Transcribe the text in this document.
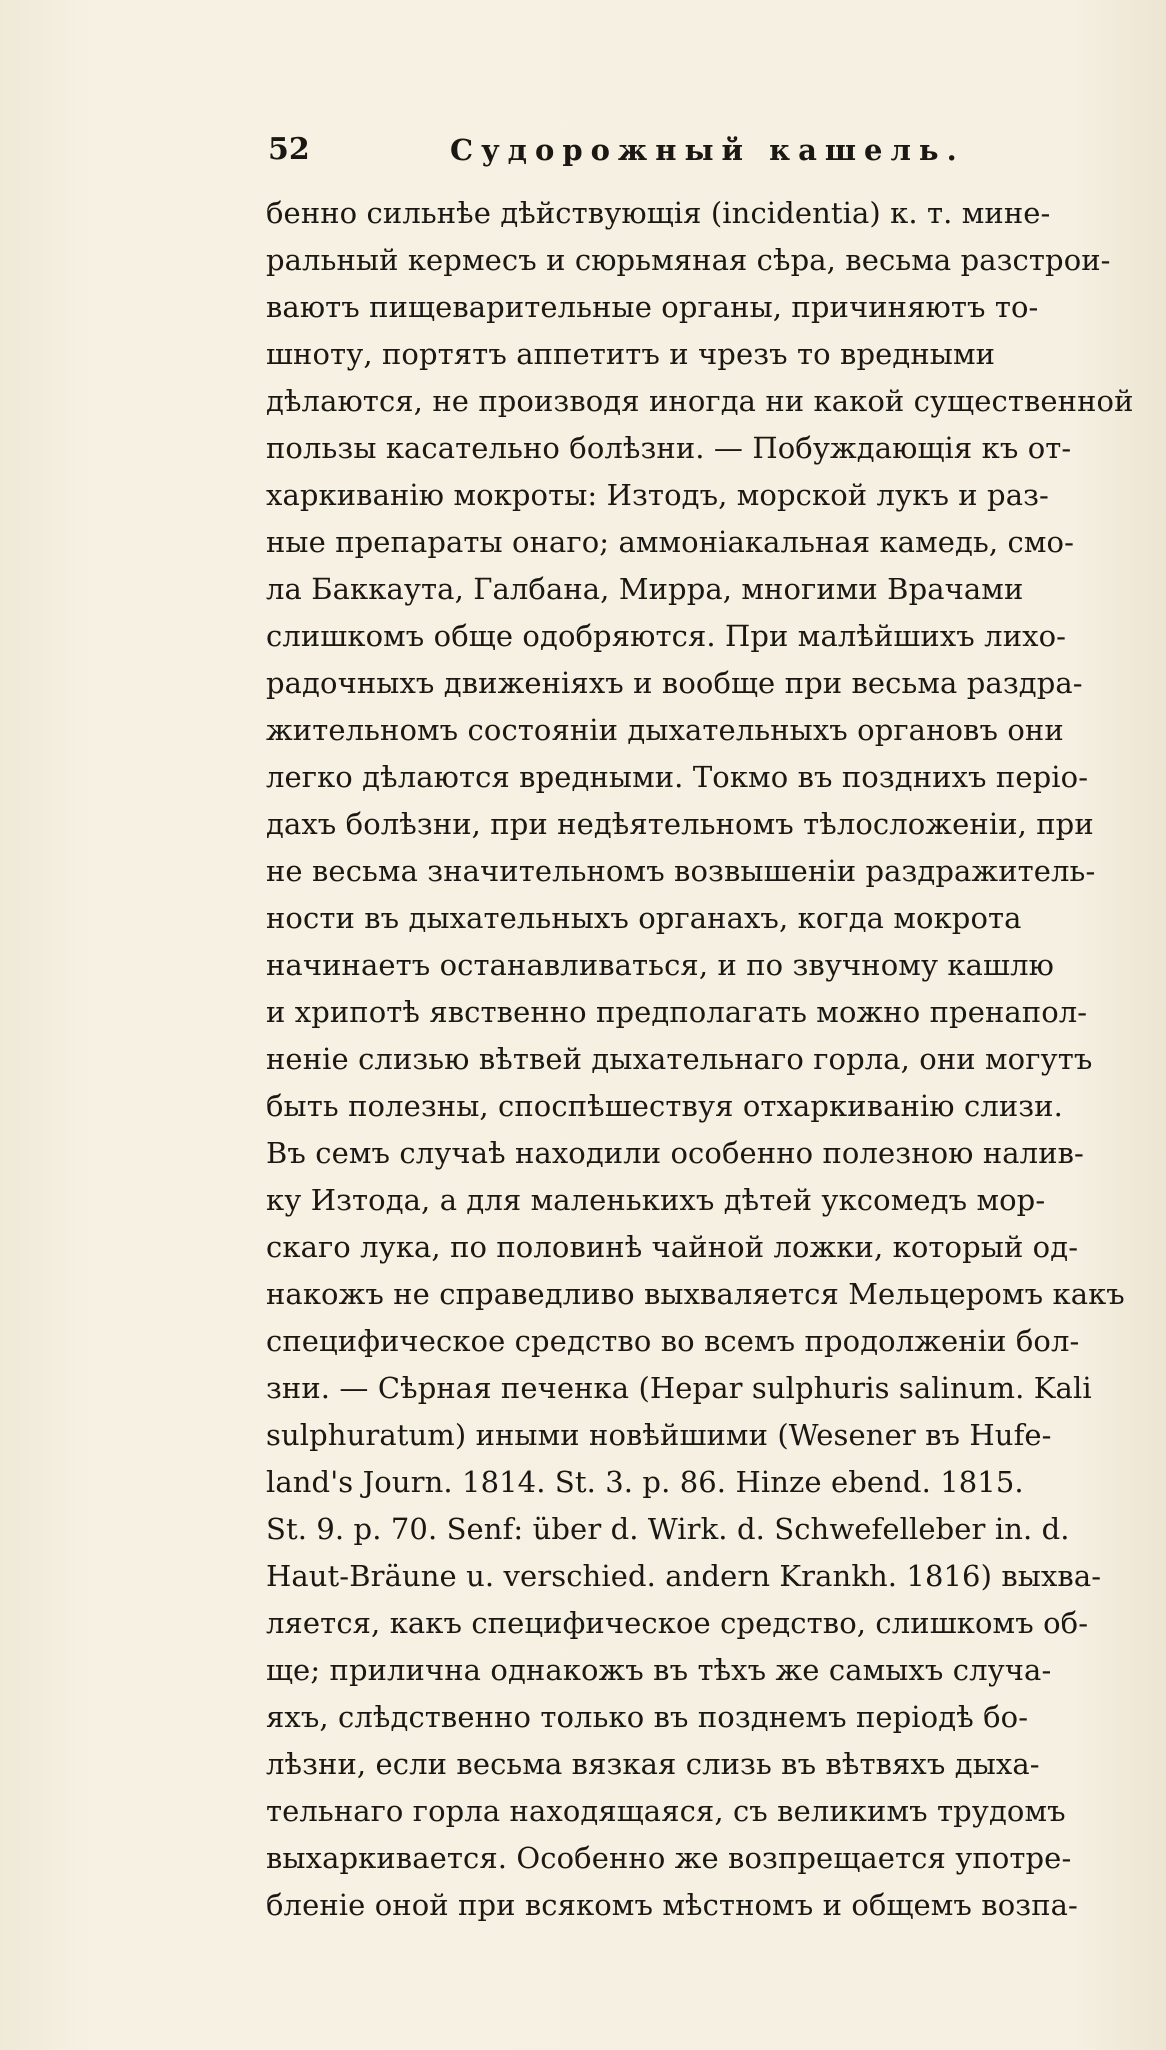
52	Судорожный кашель.
бенно сильнѣе дѣйствующія (incidentia) к. т. мине-
ральный кермесъ и сюрьмяная сѣра, весьма разстрои-
ваютъ пищеварительные органы, причиняютъ то-
шноту, портятъ аппетитъ и чрезъ то вредными
дѣлаются, не производя иногда ни какой существенной
пользы касательно болѣзни. — Побуждающія къ от-
харкиванію мокроты: Изтодъ, морской лукъ и раз-
ные препараты онаго; аммоніакальная камедь, смо-
ла Баккаута, Галбана, Мирра, многими Врачами
слишкомъ обще одобряются. При малѣйшихъ лихо-
радочныхъ движеніяхъ и вообще при весьма раздра-
жительномъ состояніи дыхательныхъ органовъ они
легко дѣлаются вредными. Токмо въ позднихъ періо-
дахъ болѣзни, при недѣятельномъ тѣлосложеніи, при
не весьма значительномъ возвышеніи раздражитель-
ности въ дыхательныхъ органахъ, когда мокрота
начинаетъ останавливаться, и по звучному кашлю
и хрипотѣ явственно предполагать можно пренапол-
неніе слизью вѣтвей дыхательнаго горла, они могутъ
быть полезны, споспѣшествуя отхаркиванію слизи.
Въ семъ случаѣ находили особенно полезною налив-
ку Изтода, а для маленькихъ дѣтей уксомедъ мор-
скаго лука, по половинѣ чайной ложки, который од-
накожъ не справедливо выхваляется Мельцеромъ какъ
специфическое средство во всемъ продолженіи бол-
зни. — Сѣрная печенка (Hepar sulphuris salinum. Kali
sulphuratum) иными новѣйшими (Wesener въ Hufe-
land's Journ. 1814. St. 3. p. 86. Hinze ebend. 1815.
St. 9. p. 70. Senf: über d. Wirk. d. Schwefelleber in. d.
Haut-Bräune u. verschied. andern Krankh. 1816) выхва-
ляется, какъ специфическое средство, слишкомъ об-
ще; прилична однакожъ въ тѣхъ же самыхъ случа-
яхъ, слѣдственно только въ позднемъ періодѣ бо-
лѣзни, если весьма вязкая слизь въ вѣтвяхъ дыха-
тельнаго горла находящаяся, съ великимъ трудомъ
выхаркивается. Особенно же возпрещается употре-
бленіе оной при всякомъ мѣстномъ и общемъ возпа-
